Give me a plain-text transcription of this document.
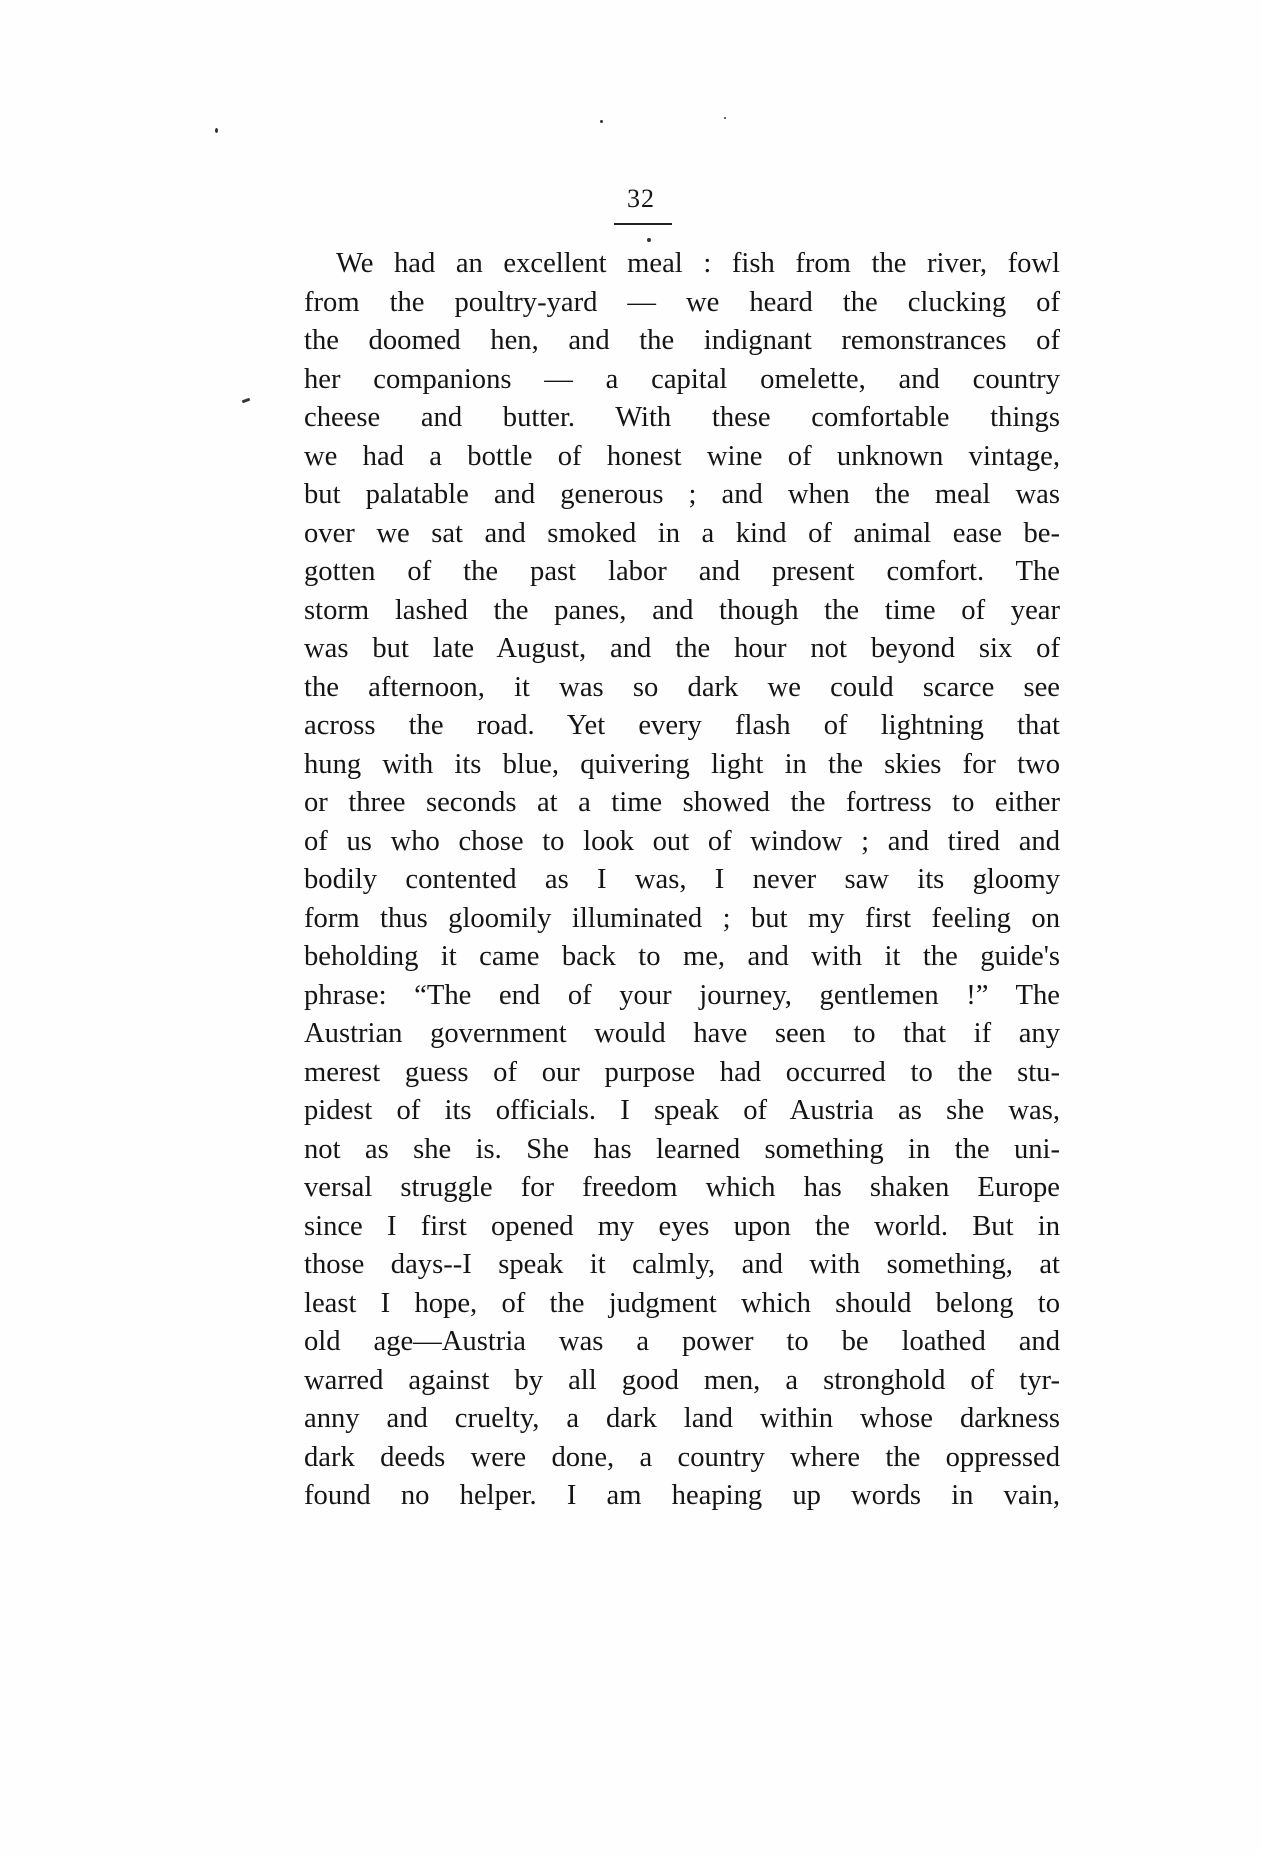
32
We had an excellent meal : fish from the river, fowl
from the poultry-yard — we heard the clucking of
the doomed hen, and the indignant remonstrances of
her companions — a capital omelette, and country
cheese and butter. With these comfortable things
we had a bottle of honest wine of unknown vintage,
but palatable and generous ; and when the meal was
over we sat and smoked in a kind of animal ease be-
gotten of the past labor and present comfort. The
storm lashed the panes, and though the time of year
was but late August, and the hour not beyond six of
the afternoon, it was so dark we could scarce see
across the road. Yet every flash of lightning that
hung with its blue, quivering light in the skies for two
or three seconds at a time showed the fortress to either
of us who chose to look out of window ; and tired and
bodily contented as I was, I never saw its gloomy
form thus gloomily illuminated ; but my first feeling on
beholding it came back to me, and with it the guide's
phrase: “The end of your journey, gentlemen !” The
Austrian government would have seen to that if any
merest guess of our purpose had occurred to the stu-
pidest of its officials. I speak of Austria as she was,
not as she is. She has learned something in the uni-
versal struggle for freedom which has shaken Europe
since I first opened my eyes upon the world. But in
those days--I speak it calmly, and with something, at
least I hope, of the judgment which should belong to
old age—Austria was a power to be loathed and
warred against by all good men, a stronghold of tyr-
anny and cruelty, a dark land within whose darkness
dark deeds were done, a country where the oppressed
found no helper. I am heaping up words in vain,
